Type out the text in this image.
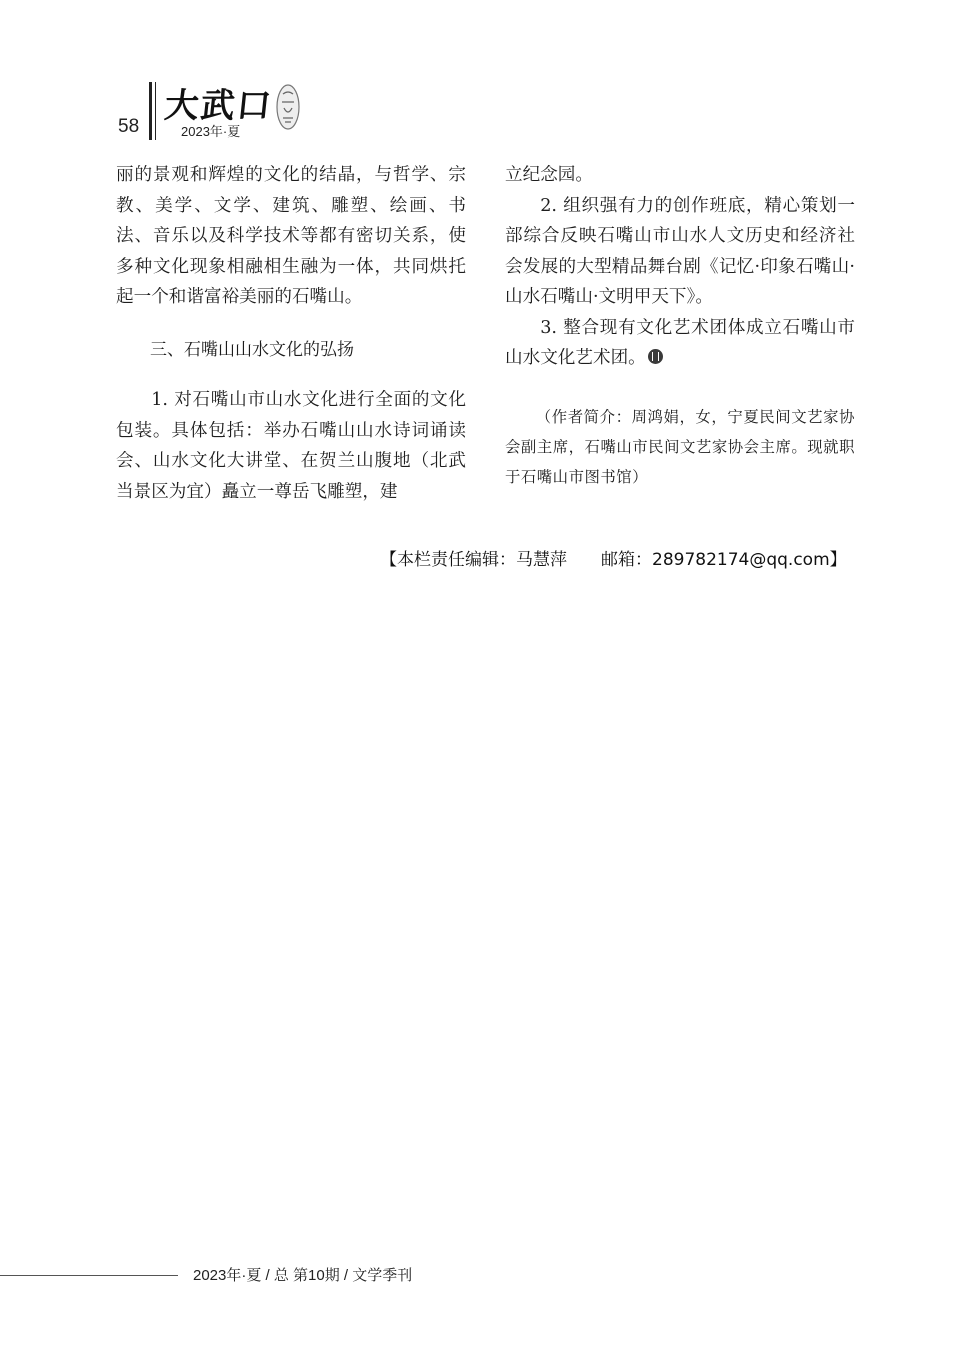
58
大武口
2023年·夏

丽的景观和辉煌的文化的结晶，与哲学、宗教、美学、文学、建筑、雕塑、绘画、书法、音乐以及科学技术等都有密切关系，使多种文化现象相融相生融为一体，共同烘托起一个和谐富裕美丽的石嘴山。

三、石嘴山山水文化的弘扬

1. 对石嘴山市山水文化进行全面的文化包装。具体包括：举办石嘴山山水诗词诵读会、山水文化大讲堂、在贺兰山腹地（北武当景区为宜）矗立一尊岳飞雕塑，建

立纪念园。

2. 组织强有力的创作班底，精心策划一部综合反映石嘴山市山水人文历史和经济社会发展的大型精品舞台剧《记忆·印象石嘴山·山水石嘴山·文明甲天下》。

3. 整合现有文化艺术团体成立石嘴山市山水文化艺术团。

（作者简介：周鸿娟，女，宁夏民间文艺家协会副主席，石嘴山市民间文艺家协会主席。现就职于石嘴山市图书馆）

【本栏责任编辑：马慧萍 邮箱：289782174@qq.com】
2023年·夏 / 总 第10期 / 文学季刊
